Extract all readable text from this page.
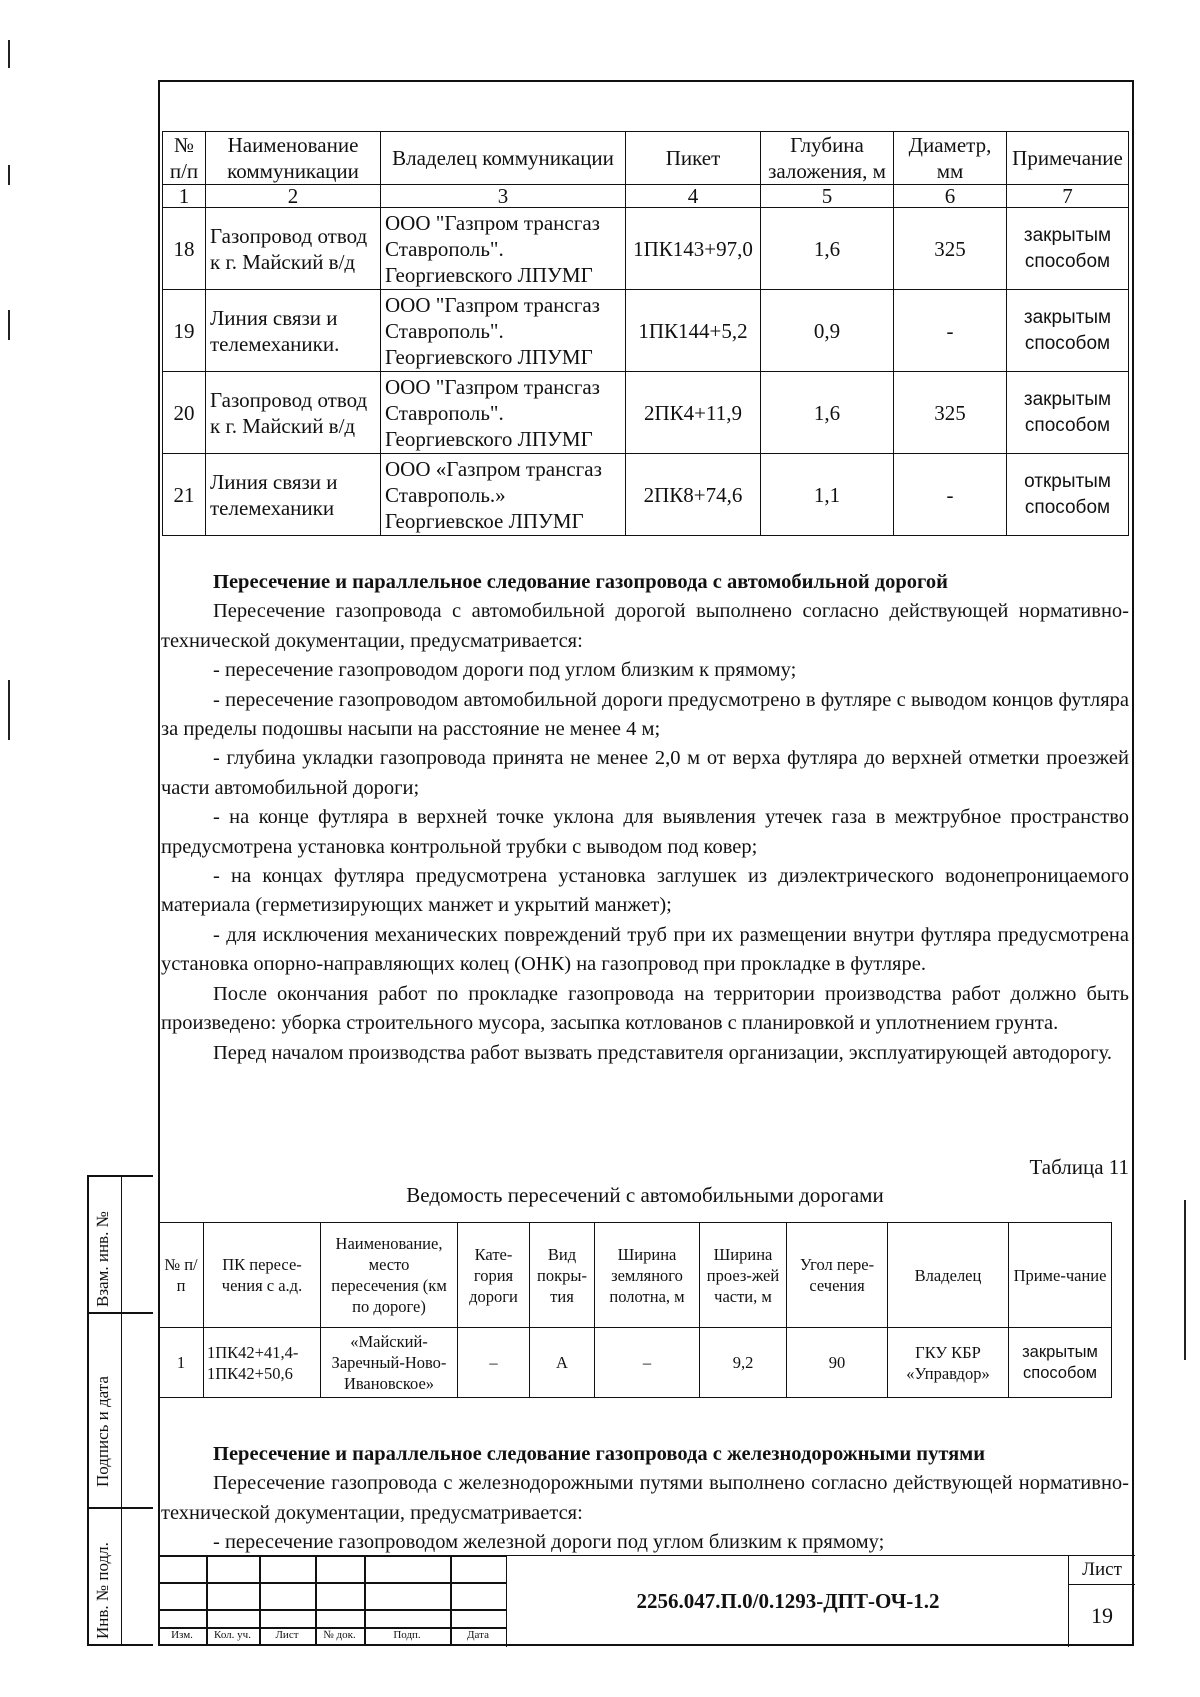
№ п/п	Наименование коммуникации	Владелец коммуникации	Пикет	Глубина заложения, м	Диаметр, мм	Примечание
1	2	3	4	5	6	7
18	Газопровод отвод к г. Майский в/д	ООО "Газпром трансгаз Ставрополь". Георгиевского ЛПУМГ	1ПК143+97,0	1,6	325	закрытым способом
19	Линия связи и телемеханики.	ООО "Газпром трансгаз Ставрополь". Георгиевского ЛПУМГ	1ПК144+5,2	0,9	-	закрытым способом
20	Газопровод отвод к г. Майский в/д	ООО "Газпром трансгаз Ставрополь". Георгиевского ЛПУМГ	2ПК4+11,9	1,6	325	закрытым способом
21	Линия связи и телемеханики	ООО «Газпром трансгаз Ставрополь.» Георгиевское ЛПУМГ	2ПК8+74,6	1,1	-	открытым способом
Пересечение и параллельное следование газопровода с автомобильной дорогой

Пересечение газопровода с автомобильной дорогой выполнено согласно действующей нормативно-технической документации, предусматривается:

- пересечение газопроводом дороги под углом близким к прямому;

- пересечение газопроводом автомобильной дороги предусмотрено в футляре с выводом концов футляра за пределы подошвы насыпи на расстояние не менее 4 м;

- глубина укладки газопровода принята не менее 2,0 м от верха футляра до верхней отметки проезжей части автомобильной дороги;

- на конце футляра в верхней точке уклона для выявления утечек газа в межтрубное пространство предусмотрена установка контрольной трубки с выводом под ковер;

- на концах футляра предусмотрена установка заглушек из диэлектрического водонепроницаемого материала (герметизирующих манжет и укрытий манжет);

- для исключения механических повреждений труб при их размещении внутри футляра предусмотрена установка опорно-направляющих колец (ОНК) на газопровод при прокладке в футляре.

После окончания работ по прокладке газопровода на территории производства работ должно быть произведено: уборка строительного мусора, засыпка котлованов с планировкой и уплотнением грунта.

Перед началом производства работ вызвать представителя организации, эксплуатирующей автодорогу.

Таблица 11
Ведомость пересечений с автомобильными дорогами
№ п/п	ПК пересе-чения с а.д.	Наименование, место пересечения (км по дороге)	Кате-гория дороги	Вид покры-тия	Ширина земляного полотна, м	Ширина проез-жей части, м	Угол пере-сечения	Владелец	Приме-чание
1	1ПК42+41,4-1ПК42+50,6	«Майский-Заречный-Ново-Ивановское»	–	А	–	9,2	90	ГКУ КБР «Управдор»	закрытым способом
Пересечение и параллельное следование газопровода с железнодорожными путями

Пересечение газопровода с железнодорожными путями выполнено согласно действующей нормативно-технической документации, предусматривается:

- пересечение газопроводом железной дороги под углом близким к прямому;

Взам. инв. №
Подпись и дата
Инв. № подл.	Изм.	Кол. уч.	Лист	№ док.	Подп.	Дата
2256.047.П.0/0.1293-ДПТ-ОЧ-1.2
Лист
19
